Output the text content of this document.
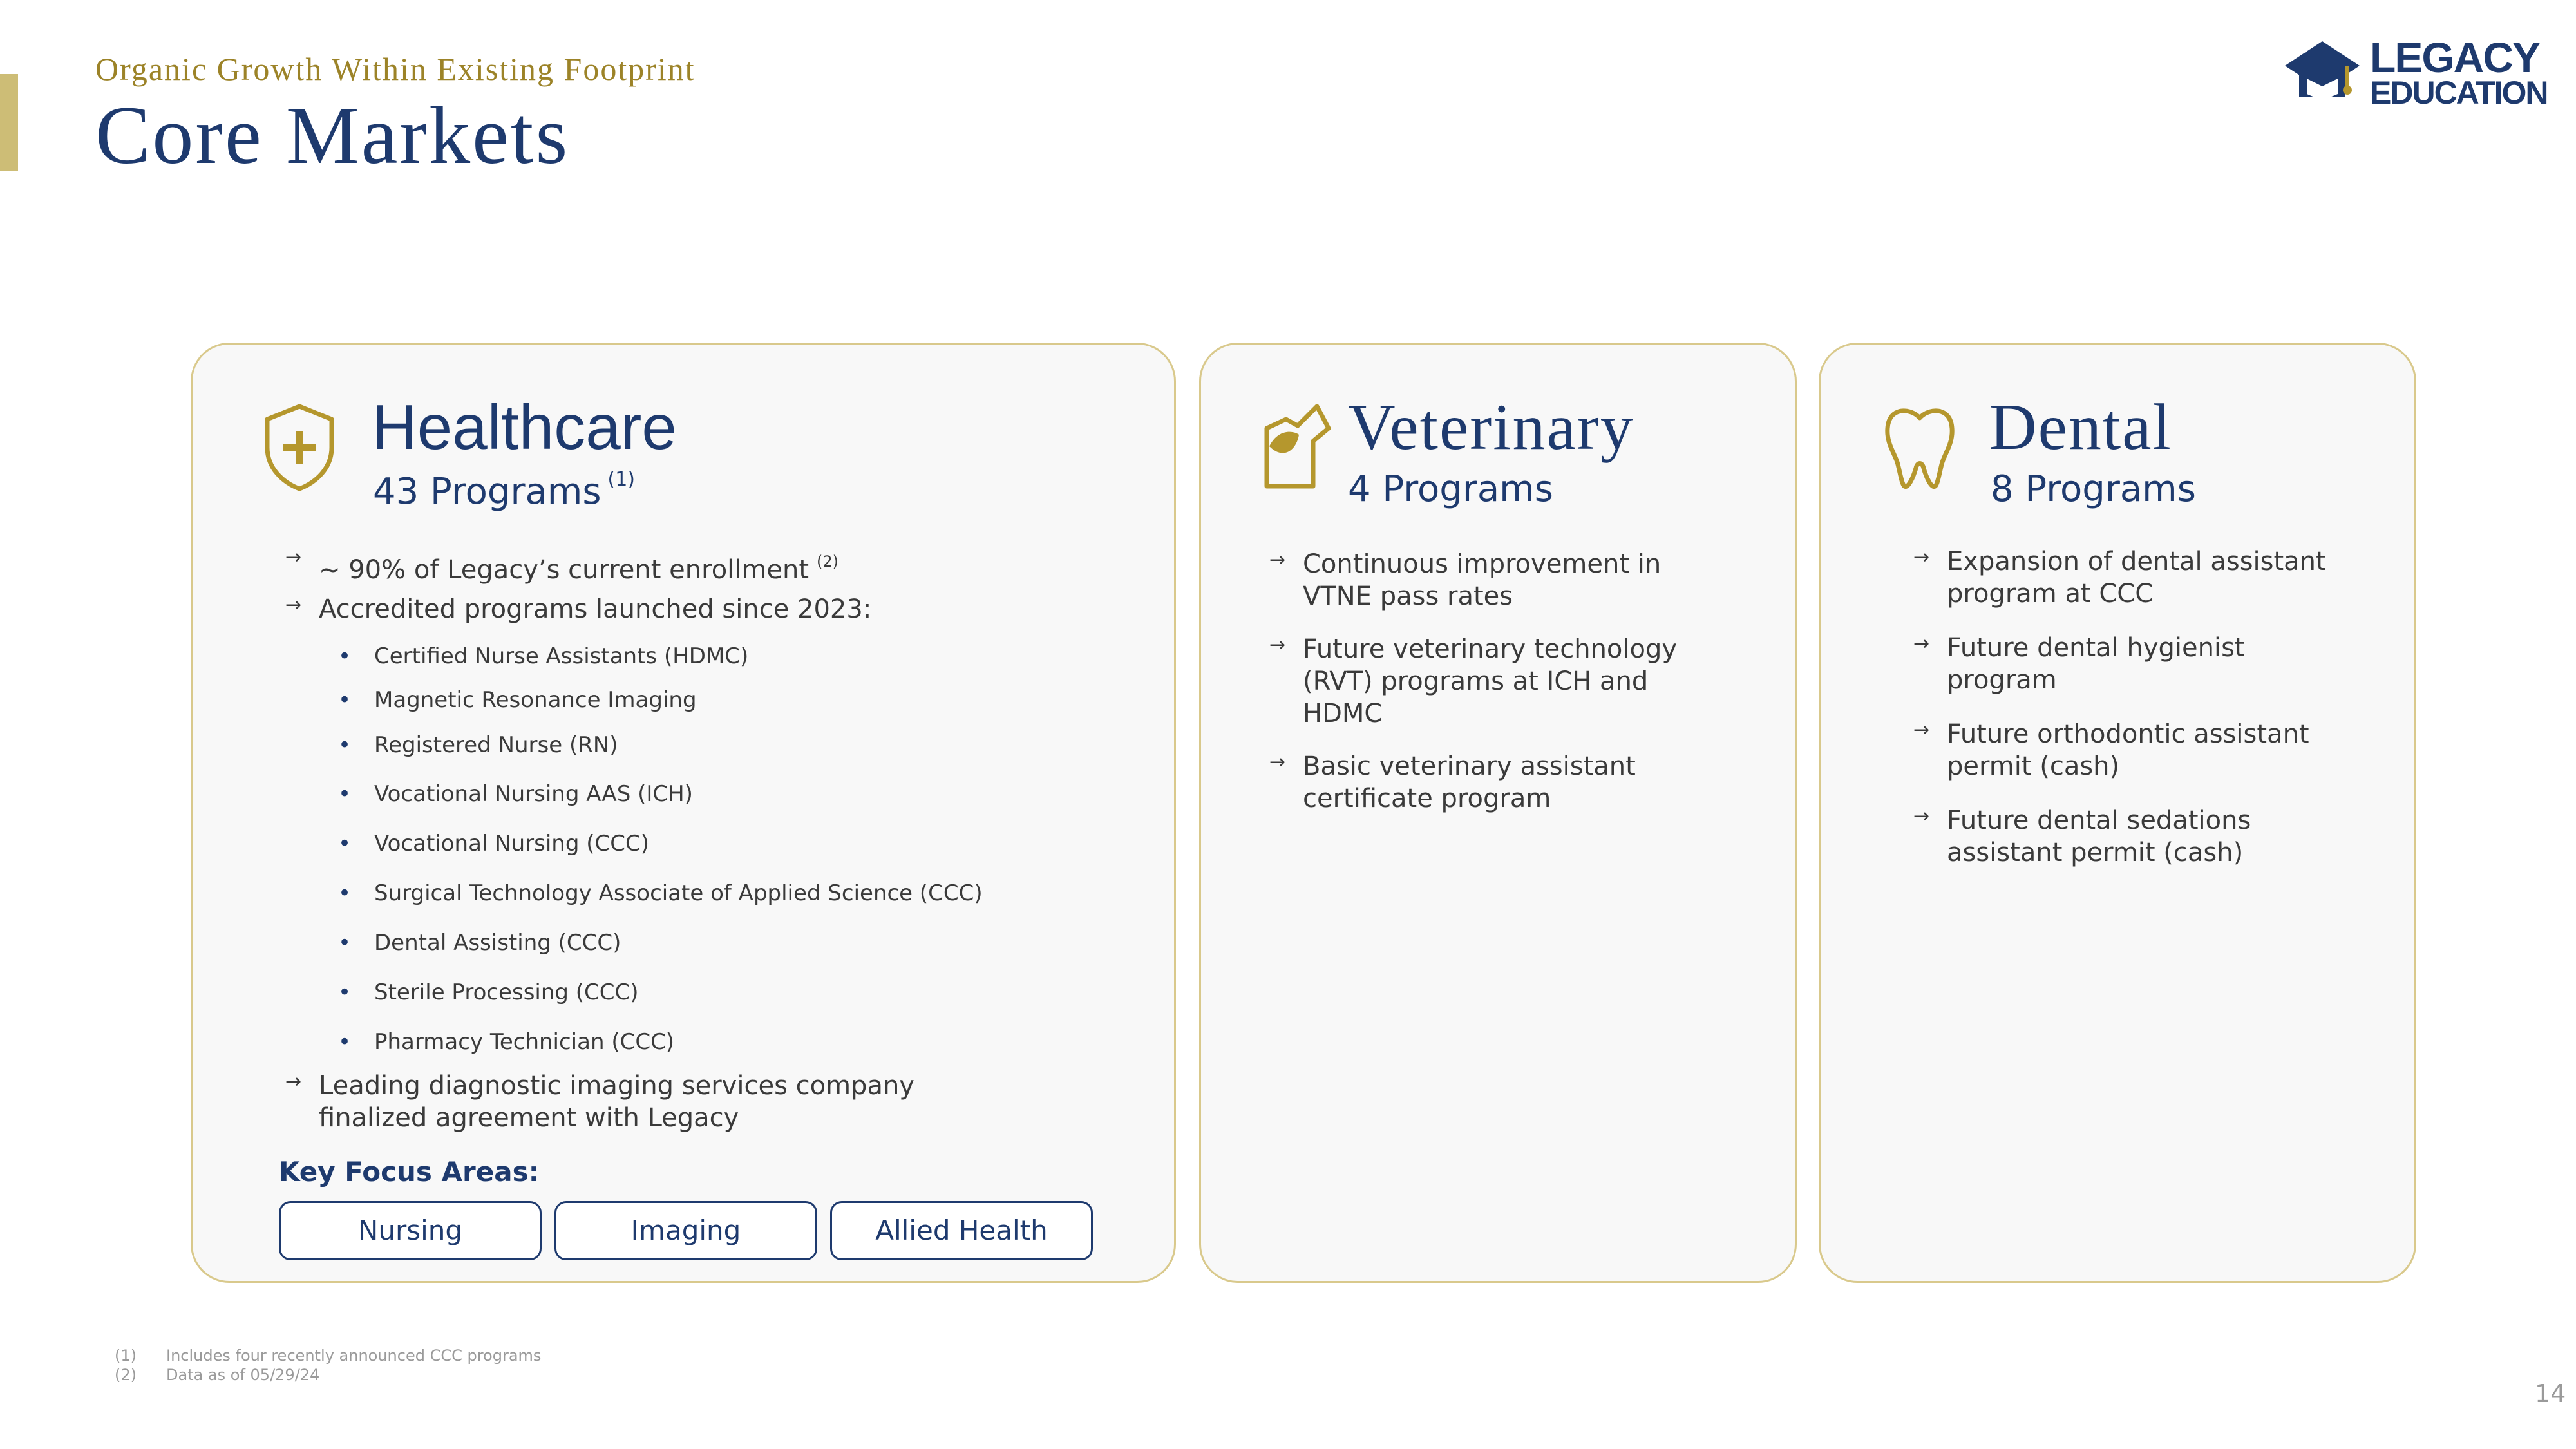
Organic Growth Within Existing Footprint
Core Markets
LEGACY
EDUCATION
Healthcare
43 Programs $^{(1)}$
→ ~ 90% of Legacy’s current enrollment $^{(2)}$
→ Accredited programs launched since 2023:
• Certified Nurse Assistants (HDMC)
• Magnetic Resonance Imaging
• Registered Nurse (RN)
• Vocational Nursing AAS (ICH)
• Vocational Nursing (CCC)
• Surgical Technology Associate of Applied Science (CCC)
• Dental Assisting (CCC)
• Sterile Processing (CCC)
• Pharmacy Technician (CCC)
→ Leading diagnostic imaging services company finalized agreement with Legacy
Key Focus Areas:
Nursing	Imaging	Allied Health
Veterinary
4 Programs
→ Continuous improvement in VTNE pass rates
→ Future veterinary technology (RVT) programs at ICH and HDMC
→ Basic veterinary assistant certificate program
Dental
8 Programs
→ Expansion of dental assistant program at CCC
→ Future dental hygienist program
→ Future orthodontic assistant permit (cash)
→ Future dental sedations assistant permit (cash)
(1) Includes four recently announced CCC programs
(2) Data as of 05/29/24
14
